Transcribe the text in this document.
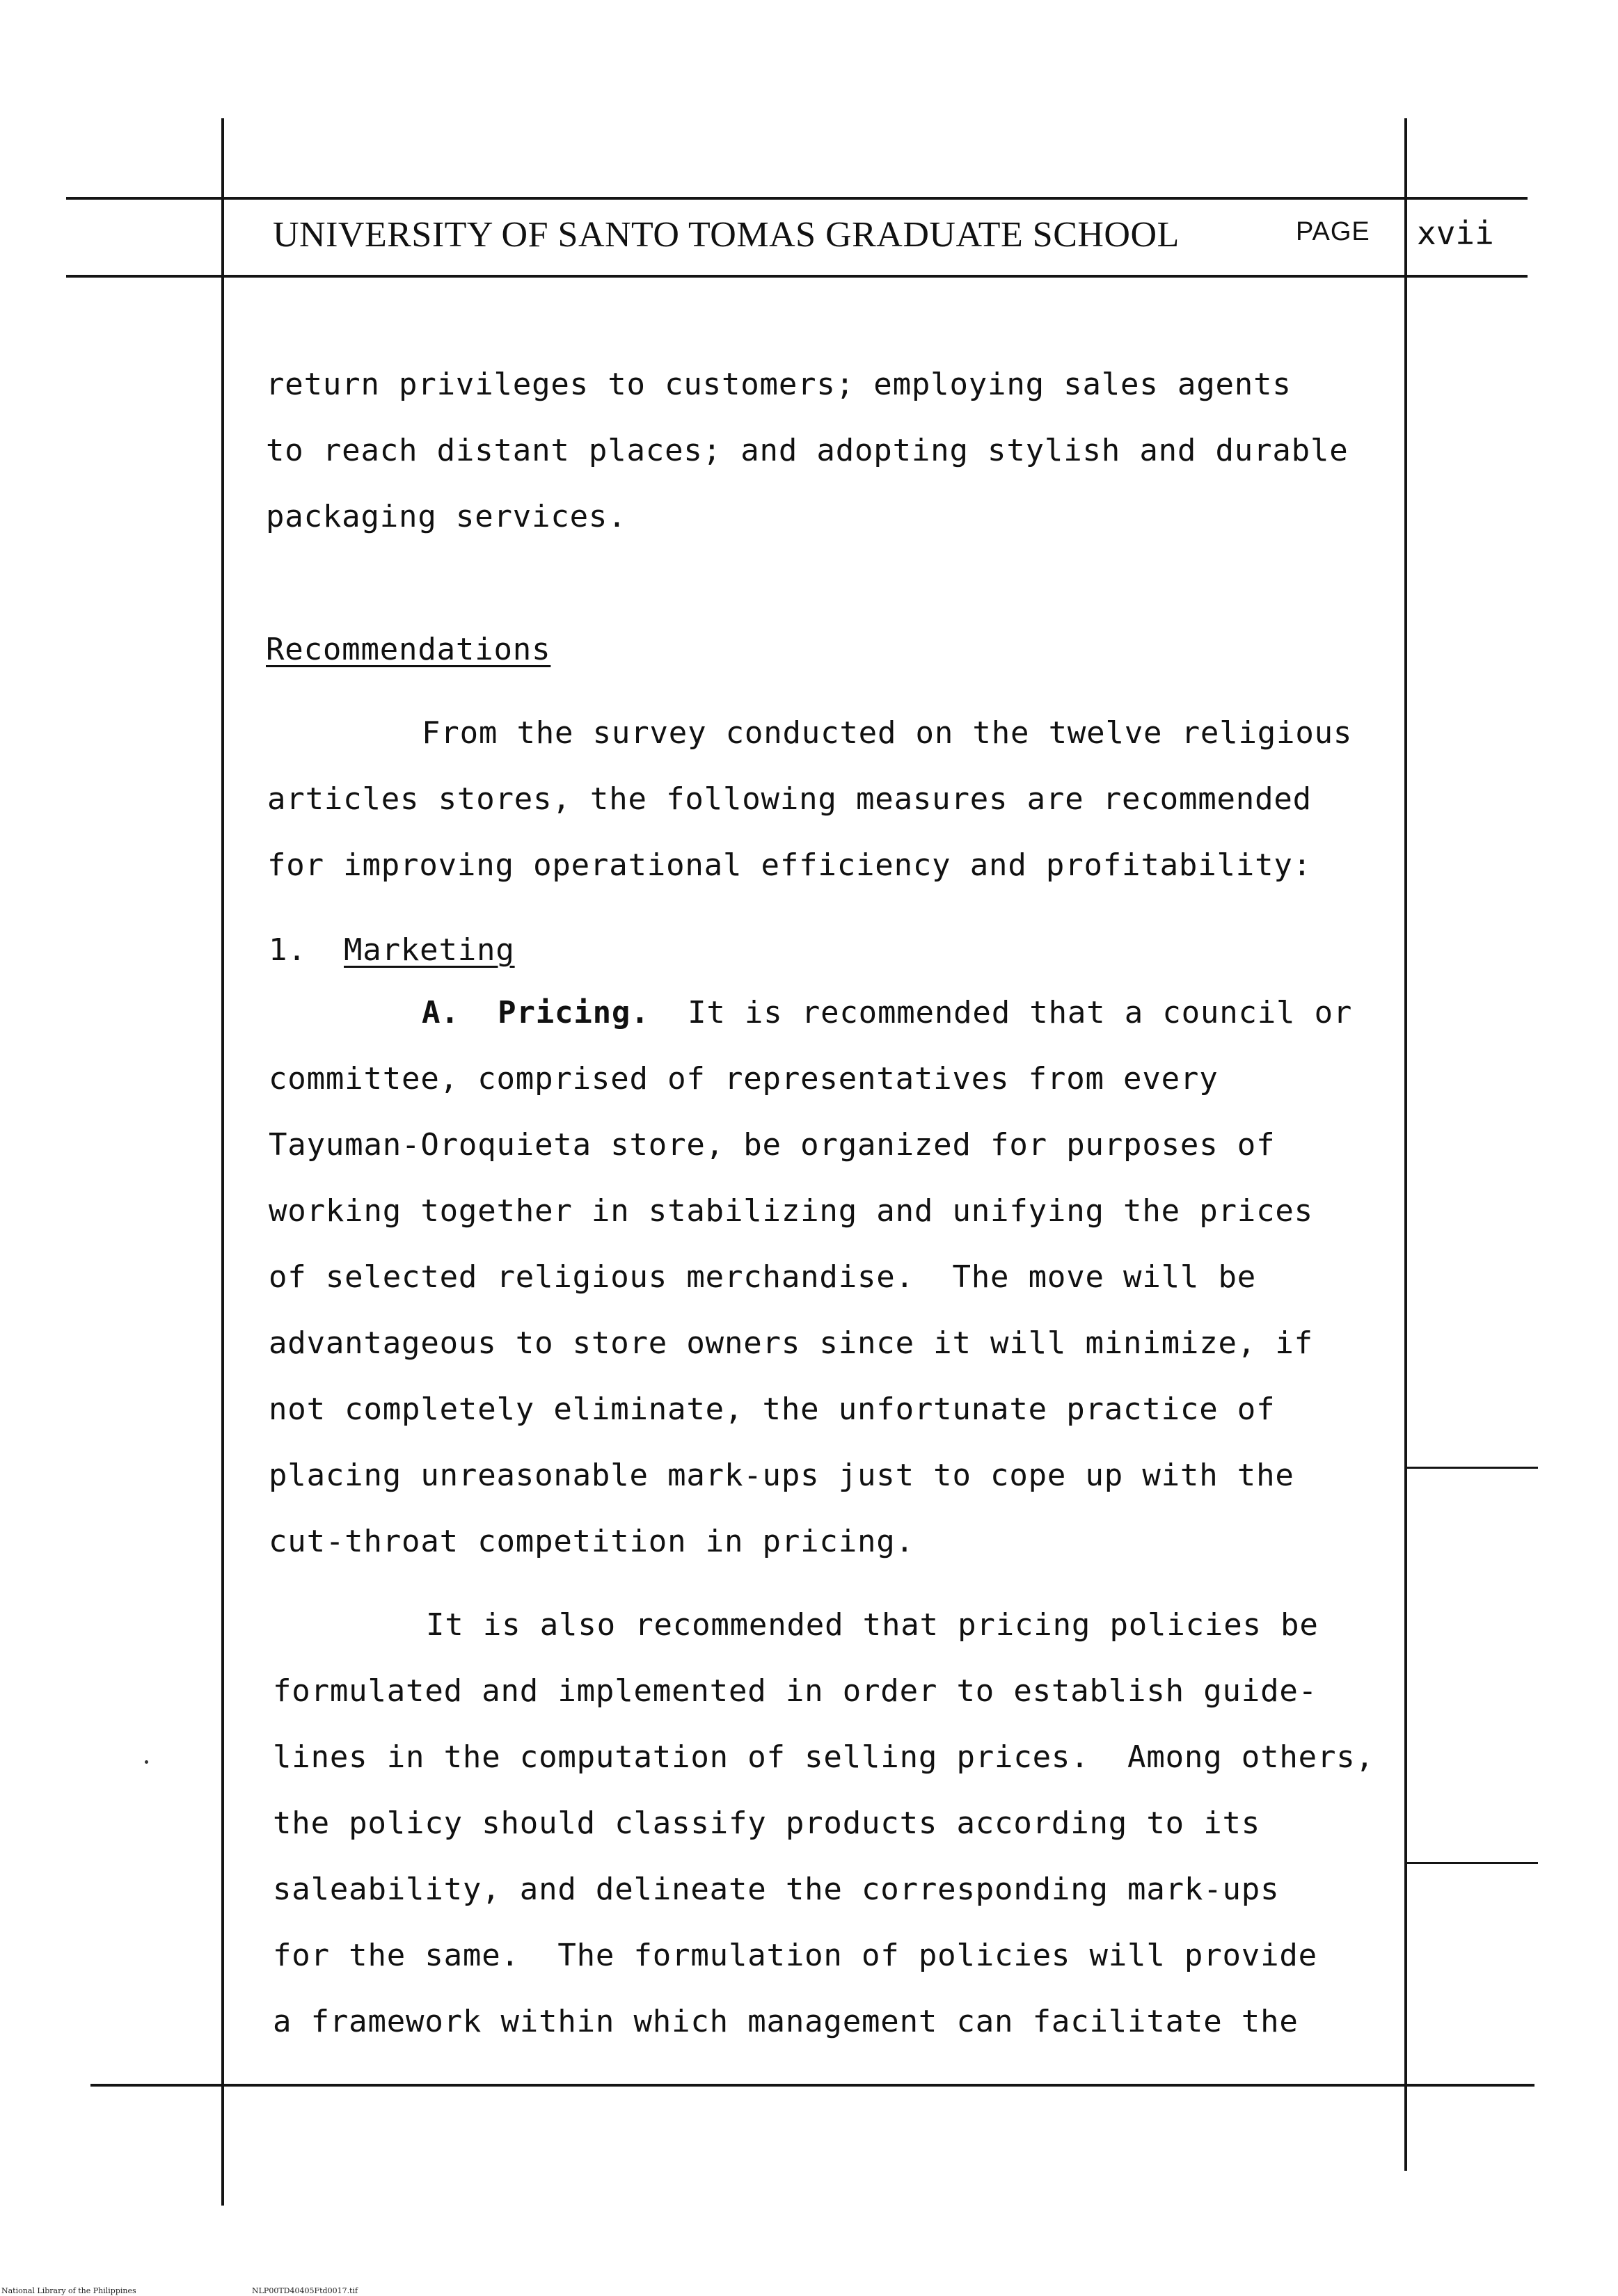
UNIVERSITY OF SANTO TOMAS GRADUATE SCHOOL	PAGE xvii
return privileges to customers; employing sales agents
to reach distant places; and adopting stylish and durable
packaging services.
Recommendations
From the survey conducted on the twelve religious
articles stores, the following measures are recommended
for improving operational efficiency and profitability:
1. Marketing
A.  Pricing.  It is recommended that a council or
committee, comprised of representatives from every
Tayuman-Oroquieta store, be organized for purposes of
working together in stabilizing and unifying the prices
of selected religious merchandise.  The move will be
advantageous to store owners since it will minimize, if
not completely eliminate, the unfortunate practice of
placing unreasonable mark-ups just to cope up with the
cut-throat competition in pricing.
It is also recommended that pricing policies be
formulated and implemented in order to establish guide-
lines in the computation of selling prices.  Among others,
the policy should classify products according to its
saleability, and delineate the corresponding mark-ups
for the same.  The formulation of policies will provide
a framework within which management can facilitate the
National Library of the Philippines	NLP00TD40405Ftd0017.tif
